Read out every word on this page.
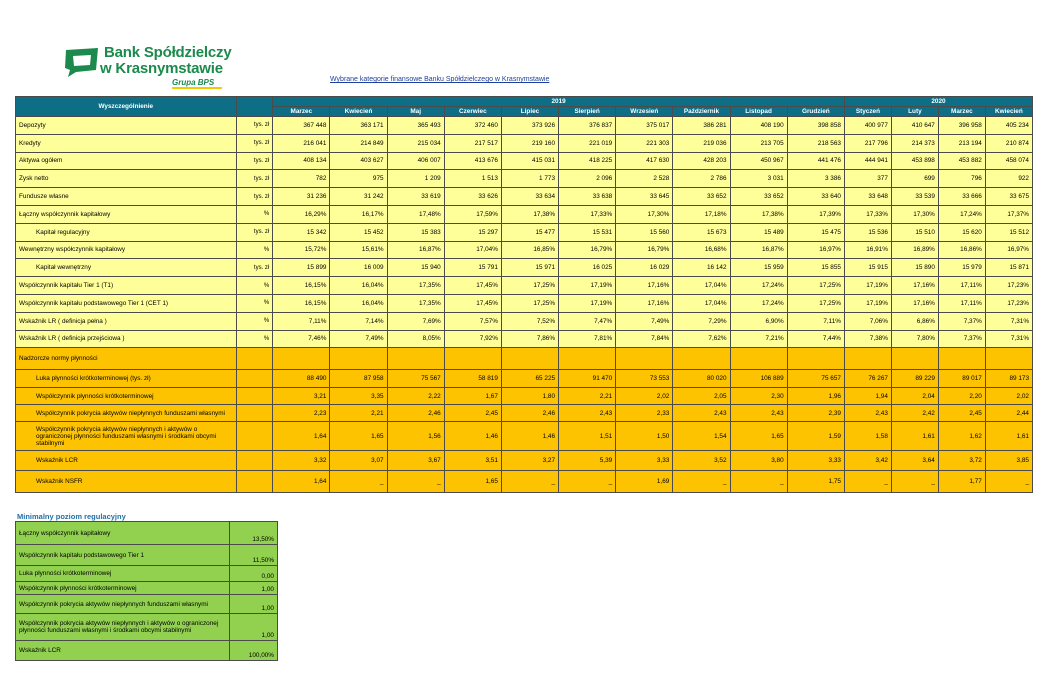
Bank Spółdzielczy
w Krasnymstawie
Grupa BPS	Wybrane kategorie finansowe Banku Spółdzielczego w Krasnymstawie
Wyszczególnienie		2019										2020			
		Marzec	Kwiecień	Maj	Czerwiec	Lipiec	Sierpień	Wrzesień	Październik	Listopad	Grudzień	Styczeń	Luty	Marzec	Kwiecień
Depozyty	tys. zł	367 448	363 171	365 493	372 460	373 926	376 837	375 017	386 281	408 190	398 858	400 977	410 647	396 958	405 234
Kredyty	tys. zł	216 041	214 849	215 034	217 517	219 160	221 019	221 303	219 036	213 705	218 563	217 796	214 373	213 194	210 874
Aktywa ogółem	tys. zł	408 134	403 627	406 007	413 676	415 031	418 225	417 630	428 203	450 967	441 476	444 941	453 898	453 882	458 074
Zysk netto	tys. zł	782	975	1 209	1 513	1 773	2 096	2 528	2 786	3 031	3 386	377	699	796	922
Fundusze własne	tys. zł	31 236	31 242	33 619	33 626	33 634	33 638	33 645	33 652	33 652	33 640	33 648	33 539	33 666	33 675
Łączny współczynnik kapitałowy	%	16,29%	16,17%	17,48%	17,59%	17,38%	17,33%	17,30%	17,18%	17,38%	17,39%	17,33%	17,30%	17,24%	17,37%
Kapitał regulacyjny	tys. zł	15 342	15 452	15 383	15 297	15 477	15 531	15 560	15 673	15 489	15 475	15 536	15 510	15 620	15 512
Wewnętrzny współczynnik kapitałowy	%	15,72%	15,61%	16,87%	17,04%	16,85%	16,79%	16,79%	16,68%	16,87%	16,97%	16,91%	16,89%	16,86%	16,97%
Kapitał wewnętrzny	tys. zł	15 899	16 009	15 940	15 791	15 971	16 025	16 029	16 142	15 959	15 855	15 915	15 890	15 979	15 871
Współczynnik kapitału Tier 1 (T1)	%	16,15%	16,04%	17,35%	17,45%	17,25%	17,19%	17,16%	17,04%	17,24%	17,25%	17,19%	17,16%	17,11%	17,23%
Współczynnik kapitału podstawowego Tier 1 (CET 1)	%	16,15%	16,04%	17,35%	17,45%	17,25%	17,19%	17,16%	17,04%	17,24%	17,25%	17,19%	17,16%	17,11%	17,23%
Wskaźnik LR ( definicja pełna )	%	7,11%	7,14%	7,69%	7,57%	7,52%	7,47%	7,49%	7,29%	6,90%	7,11%	7,06%	6,86%	7,37%	7,31%
Wskaźnik LR ( definicja przejściowa )	%	7,46%	7,49%	8,05%	7,92%	7,86%	7,81%	7,84%	7,62%	7,21%	7,44%	7,38%	7,80%	7,37%	7,31%
Nadzorcze normy płynności															
Luka płynności krótkoterminowej (tys. zł)		88 490	87 958	75 567	58 819	65 225	91 470	73 553	80 020	106 889	75 657	76 267	89 229	89 017	89 173
Współczynnik płynności krótkoterminowej		3,21	3,35	2,22	1,67	1,80	2,21	2,02	2,05	2,30	1,96	1,94	2,04	2,20	2,02
Współczynnik pokrycia aktywów niepłynnych funduszami własnymi		2,23	2,21	2,46	2,45	2,46	2,43	2,33	2,43	2,43	2,39	2,43	2,42	2,45	2,44
Współczynnik pokrycia aktywów niepłynnych i aktywów o ograniczonej płynności funduszami własnymi i środkami obcymi stabilnymi		1,64	1,65	1,56	1,46	1,46	1,51	1,50	1,54	1,65	1,59	1,58	1,61	1,62	1,61
Wskaźnik LCR		3,32	3,07	3,67	3,51	3,27	5,39	3,33	3,52	3,80	3,33	3,42	3,64	3,72	3,85
Wskaźnik NSFR		1,64	_	_	1,65	_	_	1,69	_	_	1,75	_	_	1,77	_
Minimalny poziom regulacyjny
Łączny współczynnik kapitałowy	13,50%
Współczynnik kapitału podstawowego Tier 1	11,50%
Luka płynności krótkoterminowej	0,00
Współczynnik płynności krótkoterminowej	1,00
Współczynnik pokrycia aktywów niepłynnych funduszami własnymi	1,00
Współczynnik pokrycia aktywów niepłynnych i aktywów o ograniczonej płynności funduszami własnymi i środkami obcymi stabilnymi	1,00
Wskaźnik LCR	100,00%
